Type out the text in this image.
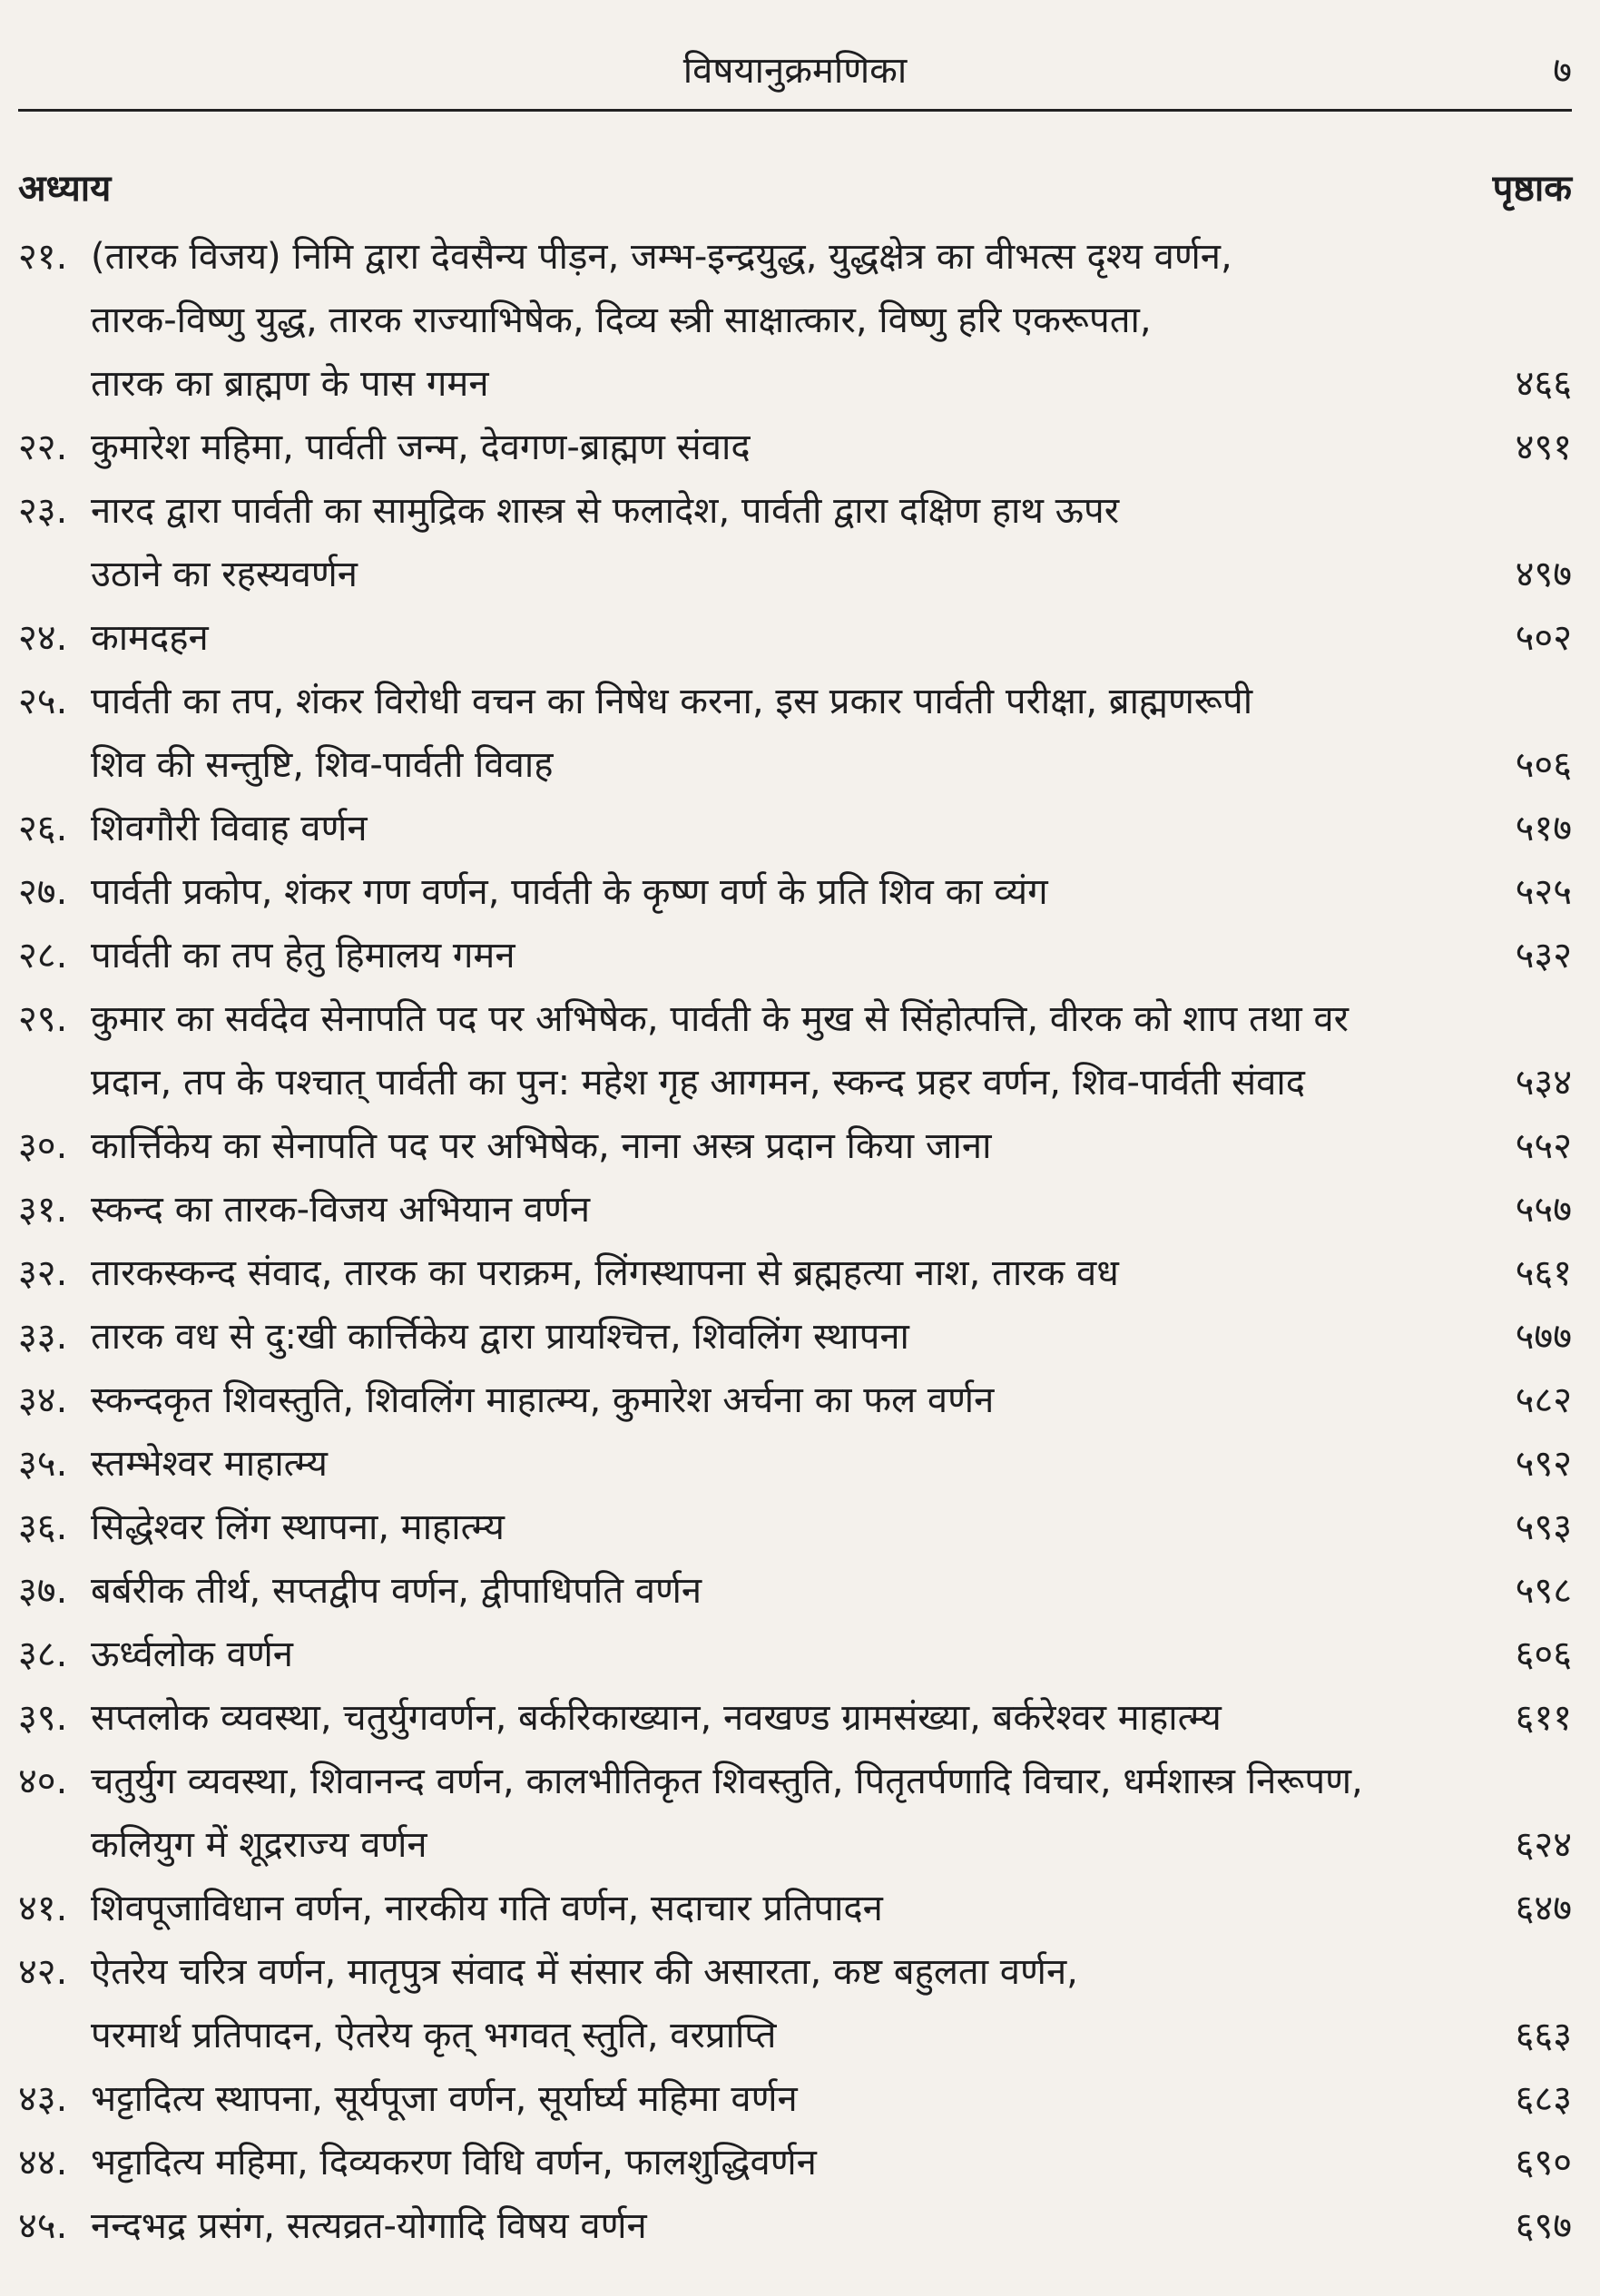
विषयानुक्रमणिका	७
अध्याय	पृष्ठाक
२१. (तारक विजय) निमि द्वारा देवसैन्य पीड़न, जम्भ-इन्द्रयुद्ध, युद्धक्षेत्र का वीभत्स दृश्य वर्णन,
तारक-विष्णु युद्ध, तारक राज्याभिषेक, दिव्य स्त्री साक्षात्कार, विष्णु हरि एकरूपता,
तारक का ब्राह्मण के पास गमन	४६६
२२. कुमारेश महिमा, पार्वती जन्म, देवगण-ब्राह्मण संवाद	४९१
२३. नारद द्वारा पार्वती का सामुद्रिक शास्त्र से फलादेश, पार्वती द्वारा दक्षिण हाथ ऊपर
उठाने का रहस्यवर्णन	४९७
२४. कामदहन	५०२
२५. पार्वती का तप, शंकर विरोधी वचन का निषेध करना, इस प्रकार पार्वती परीक्षा, ब्राह्मणरूपी
शिव की सन्तुष्टि, शिव-पार्वती विवाह	५०६
२६. शिवगौरी विवाह वर्णन	५१७
२७. पार्वती प्रकोप, शंकर गण वर्णन, पार्वती के कृष्ण वर्ण के प्रति शिव का व्यंग	५२५
२८. पार्वती का तप हेतु हिमालय गमन	५३२
२९. कुमार का सर्वदेव सेनापति पद पर अभिषेक, पार्वती के मुख से सिंहोत्पत्ति, वीरक को शाप तथा वर
प्रदान, तप के पश्चात् पार्वती का पुन: महेश गृह आगमन, स्कन्द प्रहर वर्णन, शिव-पार्वती संवाद	५३४
३०. कार्त्तिकेय का सेनापति पद पर अभिषेक, नाना अस्त्र प्रदान किया जाना	५५२
३१. स्कन्द का तारक-विजय अभियान वर्णन	५५७
३२. तारकस्कन्द संवाद, तारक का पराक्रम, लिंगस्थापना से ब्रह्महत्या नाश, तारक वध	५६१
३३. तारक वध से दु:खी कार्त्तिकेय द्वारा प्रायश्चित्त, शिवलिंग स्थापना	५७७
३४. स्कन्दकृत शिवस्तुति, शिवलिंग माहात्म्य, कुमारेश अर्चना का फल वर्णन	५८२
३५. स्तम्भेश्वर माहात्म्य	५९२
३६. सिद्धेश्वर लिंग स्थापना, माहात्म्य	५९३
३७. बर्बरीक तीर्थ, सप्तद्वीप वर्णन, द्वीपाधिपति वर्णन	५९८
३८. ऊर्ध्वलोक वर्णन	६०६
३९. सप्तलोक व्यवस्था, चतुर्युगवर्णन, बर्करिकाख्यान, नवखण्ड ग्रामसंख्या, बर्करेश्वर माहात्म्य	६११
४०. चतुर्युग व्यवस्था, शिवानन्द वर्णन, कालभीतिकृत शिवस्तुति, पितृतर्पणादि विचार, धर्मशास्त्र निरूपण,
कलियुग में शूद्रराज्य वर्णन	६२४
४१. शिवपूजाविधान वर्णन, नारकीय गति वर्णन, सदाचार प्रतिपादन	६४७
४२. ऐतरेय चरित्र वर्णन, मातृपुत्र संवाद में संसार की असारता, कष्ट बहुलता वर्णन,
परमार्थ प्रतिपादन, ऐतरेय कृत् भगवत् स्तुति, वरप्राप्ति	६६३
४३. भट्टादित्य स्थापना, सूर्यपूजा वर्णन, सूर्यार्घ्य महिमा वर्णन	६८३
४४. भट्टादित्य महिमा, दिव्यकरण विधि वर्णन, फालशुद्धिवर्णन	६९०
४५. नन्दभद्र प्रसंग, सत्यव्रत-योगादि विषय वर्णन	६९७
